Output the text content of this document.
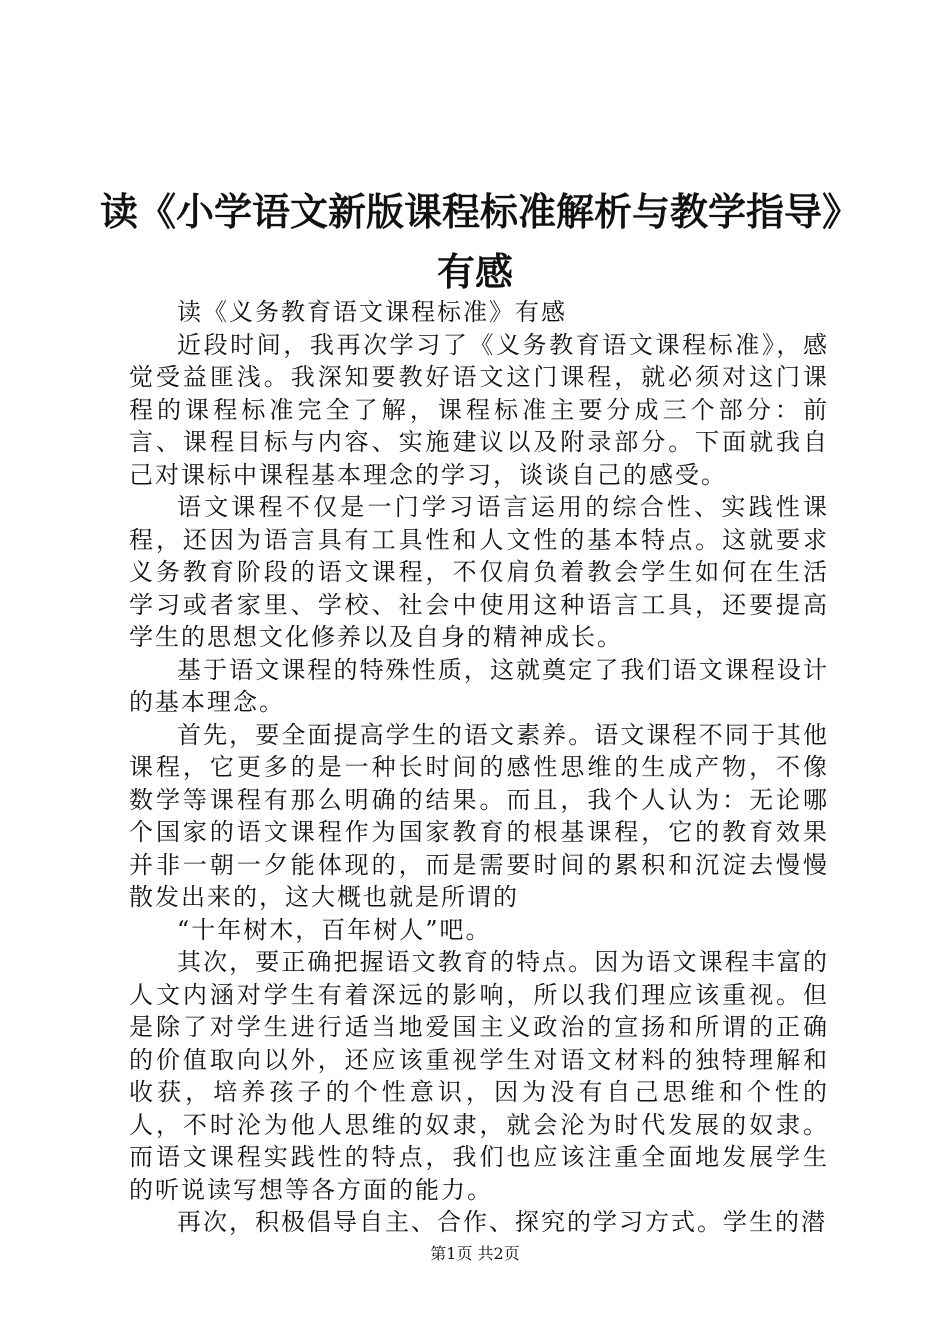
读《小学语文新版课程标准解析与教学指导》
有感

读《义务教育语文课程标准》有感

近段时间，我再次学习了《义务教育语文课程标准》，感觉受益匪浅。我深知要教好语文这门课程，就必须对这门课程的课程标准完全了解，课程标准主要分成三个部分：前言、课程目标与内容、实施建议以及附录部分。下面就我自己对课标中课程基本理念的学习，谈谈自己的感受。

语文课程不仅是一门学习语言运用的综合性、实践性课程，还因为语言具有工具性和人文性的基本特点。这就要求义务教育阶段的语文课程，不仅肩负着教会学生如何在生活学习或者家里、学校、社会中使用这种语言工具，还要提高学生的思想文化修养以及自身的精神成长。

基于语文课程的特殊性质，这就奠定了我们语文课程设计的基本理念。

首先，要全面提高学生的语文素养。语文课程不同于其他课程，它更多的是一种长时间的感性思维的生成产物，不像数学等课程有那么明确的结果。而且，我个人认为：无论哪个国家的语文课程作为国家教育的根基课程，它的教育效果并非一朝一夕能体现的，而是需要时间的累积和沉淀去慢慢散发出来的，这大概也就是所谓的

“十年树木，百年树人”吧。

其次，要正确把握语文教育的特点。因为语文课程丰富的人文内涵对学生有着深远的影响，所以我们理应该重视。但是除了对学生进行适当地爱国主义政治的宣扬和所谓的正确的价值取向以外，还应该重视学生对语文材料的独特理解和收获，培养孩子的个性意识，因为没有自己思维和个性的人，不时沦为他人思维的奴隶，就会沦为时代发展的奴隶。而语文课程实践性的特点，我们也应该注重全面地发展学生的听说读写想等各方面的能力。

再次，积极倡导自主、合作、探究的学习方式。学生的潜

第1页 共2页
